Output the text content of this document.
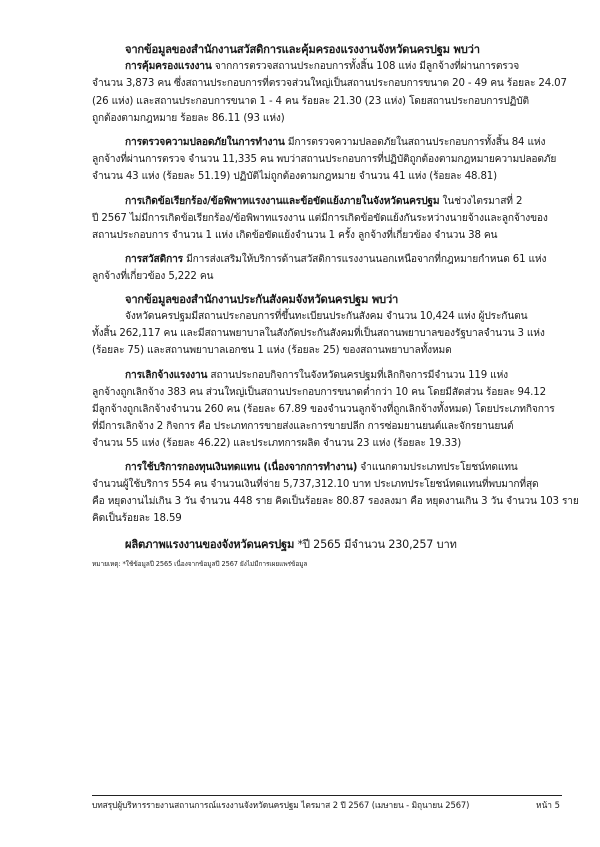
จากข้อมูลของสำนักงานสวัสดิการและคุ้มครองแรงงานจังหวัดนครปฐม พบว่า
การคุ้มครองแรงงาน จากการตรวจสถานประกอบการทั้งสิ้น 108 แห่ง มีลูกจ้างที่ผ่านการตรวจ
จำนวน 3,873 คน ซึ่งสถานประกอบการที่ตรวจส่วนใหญ่เป็นสถานประกอบการขนาด 20 - 49 คน ร้อยละ 24.07
(26 แห่ง) และสถานประกอบการขนาด 1 - 4 คน ร้อยละ 21.30 (23 แห่ง) โดยสถานประกอบการปฏิบัติ
ถูกต้องตามกฎหมาย ร้อยละ 86.11 (93 แห่ง)
การตรวจความปลอดภัยในการทำงาน มีการตรวจความปลอดภัยในสถานประกอบการทั้งสิ้น 84 แห่ง
ลูกจ้างที่ผ่านการตรวจ จำนวน 11,335 คน พบว่าสถานประกอบการที่ปฏิบัติถูกต้องตามกฎหมายความปลอดภัย
จำนวน 43 แห่ง (ร้อยละ 51.19) ปฏิบัติไม่ถูกต้องตามกฎหมาย จำนวน 41 แห่ง (ร้อยละ 48.81)
การเกิดข้อเรียกร้อง/ข้อพิพาทแรงงานและข้อขัดแย้งภายในจังหวัดนครปฐม ในช่วงไตรมาสที่ 2
ปี 2567 ไม่มีการเกิดข้อเรียกร้อง/ข้อพิพาทแรงงาน แต่มีการเกิดข้อขัดแย้งกันระหว่างนายจ้างและลูกจ้างของ
สถานประกอบการ จำนวน 1 แห่ง เกิดข้อขัดแย้งจำนวน 1 ครั้ง ลูกจ้างที่เกี่ยวข้อง จำนวน 38 คน
การสวัสดิการ มีการส่งเสริมให้บริการด้านสวัสดิการแรงงานนอกเหนือจากที่กฎหมายกำหนด 61 แห่ง
ลูกจ้างที่เกี่ยวข้อง 5,222 คน
จากข้อมูลของสำนักงานประกันสังคมจังหวัดนครปฐม พบว่า
จังหวัดนครปฐมมีสถานประกอบการที่ขึ้นทะเบียนประกันสังคม จำนวน 10,424 แห่ง ผู้ประกันตน
ทั้งสิ้น 262,117 คน และมีสถานพยาบาลในสังกัดประกันสังคมที่เป็นสถานพยาบาลของรัฐบาลจำนวน 3 แห่ง
(ร้อยละ 75) และสถานพยาบาลเอกชน 1 แห่ง (ร้อยละ 25) ของสถานพยาบาลทั้งหมด
การเลิกจ้างแรงงาน สถานประกอบกิจการในจังหวัดนครปฐมที่เลิกกิจการมีจำนวน 119 แห่ง
ลูกจ้างถูกเลิกจ้าง 383 คน ส่วนใหญ่เป็นสถานประกอบการขนาดต่ำกว่า 10 คน โดยมีสัดส่วน ร้อยละ 94.12
มีลูกจ้างถูกเลิกจ้างจำนวน 260 คน (ร้อยละ 67.89 ของจำนวนลูกจ้างที่ถูกเลิกจ้างทั้งหมด) โดยประเภทกิจการ
ที่มีการเลิกจ้าง 2 กิจการ คือ ประเภทการขายส่งและการขายปลีก การซ่อมยานยนต์และจักรยานยนต์
จำนวน 55 แห่ง (ร้อยละ 46.22) และประเภทการผลิต จำนวน 23 แห่ง (ร้อยละ 19.33)
การใช้บริการกองทุนเงินทดแทน (เนื่องจากการทำงาน) จำแนกตามประเภทประโยชน์ทดแทน
จำนวนผู้ใช้บริการ 554 คน จำนวนเงินที่จ่าย 5,737,312.10 บาท ประเภทประโยชน์ทดแทนที่พบมากที่สุด
คือ หยุดงานไม่เกิน 3 วัน จำนวน 448 ราย คิดเป็นร้อยละ 80.87 รองลงมา คือ หยุดงานเกิน 3 วัน จำนวน 103 ราย
คิดเป็นร้อยละ 18.59
ผลิตภาพแรงงานของจังหวัดนครปฐม *ปี 2565 มีจำนวน 230,257 บาท
หมายเหตุ: *ใช้ข้อมูลปี 2565 เนื่องจากข้อมูลปี 2567 ยังไม่มีการเผยแพร่ข้อมูล
บทสรุปผู้บริหารรายงานสถานการณ์แรงงานจังหวัดนครปฐม ไตรมาส 2 ปี 2567 (เมษายน - มิถุนายน 2567)	หน้า 5
